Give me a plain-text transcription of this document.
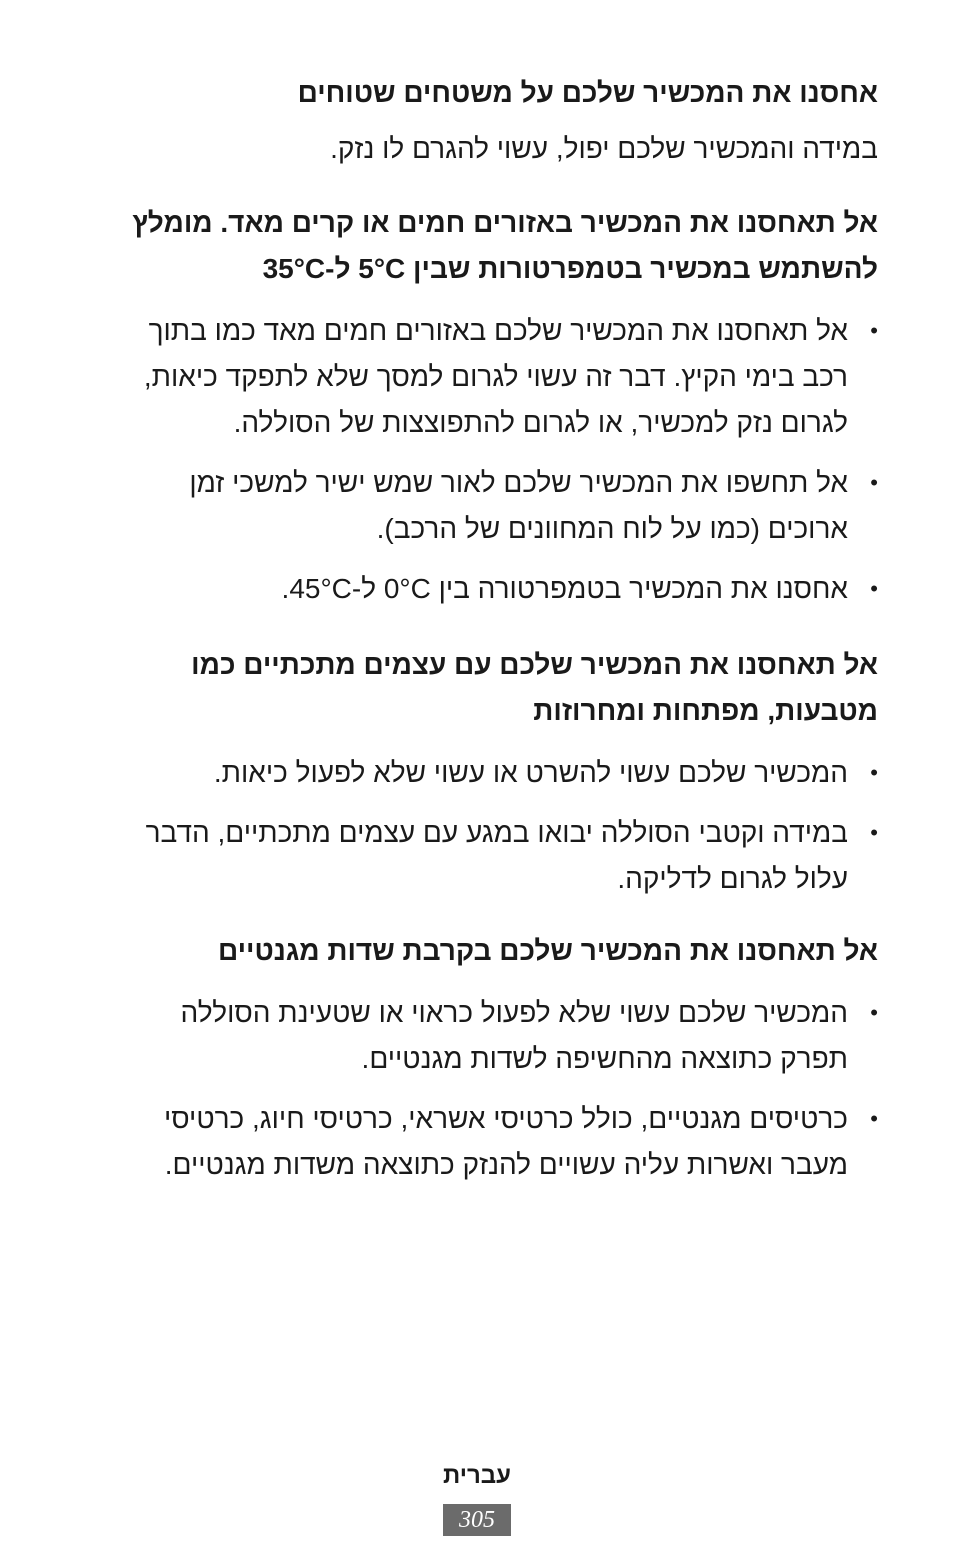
אחסנו את המכשיר שלכם על משטחים שטוחים

במידה והמכשיר שלכם יפול, עשוי להגרם לו נזק.

אל תאחסנו את המכשיר באזורים חמים או קרים מאד. מומלץ
להשתמש במכשיר בטמפרטורות שבין 5°C ל-35°C

•
אל תאחסנו את המכשיר שלכם באזורים חמים מאד כמו בתוך
רכב בימי הקיץ. דבר זה עשוי לגרום למסך שלא לתפקד כיאות,
לגרום נזק למכשיר, או לגרום להתפוצצות של הסוללה.
•
אל תחשפו את המכשיר שלכם לאור שמש ישיר למשכי זמן
ארוכים (כמו על לוח המחוונים של הרכב).
•
אחסנו את המכשיר בטמפרטורה בין 0°C ל-45°C.

אל תאחסנו את המכשיר שלכם עם עצמים מתכתיים כמו
מטבעות, מפתחות ומחרוזות

•
המכשיר שלכם עשוי להשרט או עשוי שלא לפעול כיאות.
•
במידה וקטבי הסוללה יבואו במגע עם עצמים מתכתיים, הדבר
עלול לגרום לדליקה.

אל תאחסנו את המכשיר שלכם בקרבת שדות מגנטיים

•
המכשיר שלכם עשוי שלא לפעול כראוי או שטעינת הסוללה
תפרק כתוצאה מהחשיפה לשדות מגנטיים.
•
כרטיסים מגנטיים, כולל כרטיסי אשראי, כרטיסי חיוג, כרטיסי
מעבר ואשרות עליה עשויים להנזק כתוצאה משדות מגנטיים.
עברית
305
